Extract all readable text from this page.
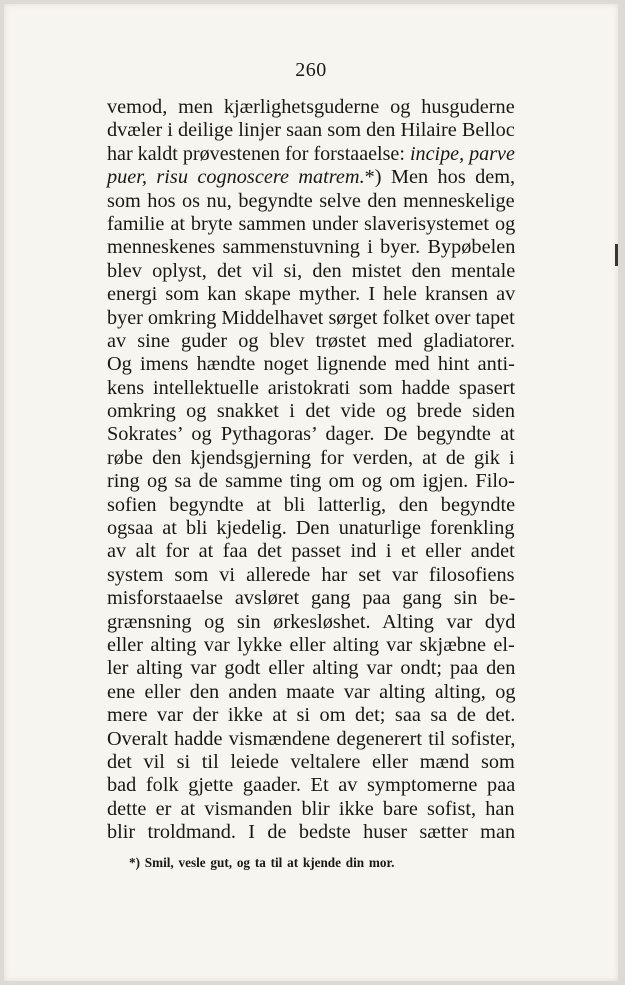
260
vemod, men kjærlighetsguderne og husguderne
dvæler i deilige linjer saan som den Hilaire Belloc
har kaldt prøvestenen for forstaaelse: incipe, parve
puer, risu cognoscere matrem.*) Men hos dem,
som hos os nu, begyndte selve den menneskelige
familie at bryte sammen under slaverisystemet og
menneskenes sammenstuvning i byer. Bypøbelen
blev oplyst, det vil si, den mistet den mentale
energi som kan skape myther. I hele kransen av
byer omkring Middelhavet sørget folket over tapet
av sine guder og blev trøstet med gladiatorer.
Og imens hændte noget lignende med hint anti-
kens intellektuelle aristokrati som hadde spasert
omkring og snakket i det vide og brede siden
Sokrates’ og Pythagoras’ dager. De begyndte at
røbe den kjendsgjerning for verden, at de gik i
ring og sa de samme ting om og om igjen. Filo-
sofien begyndte at bli latterlig, den begyndte
ogsaa at bli kjedelig. Den unaturlige forenkling
av alt for at faa det passet ind i et eller andet
system som vi allerede har set var filosofiens
misforstaaelse avsløret gang paa gang sin be-
grænsning og sin ørkesløshet. Alting var dyd
eller alting var lykke eller alting var skjæbne el-
ler alting var godt eller alting var ondt; paa den
ene eller den anden maate var alting alting, og
mere var der ikke at si om det; saa sa de det.
Overalt hadde vismændene degenerert til sofister,
det vil si til leiede veltalere eller mænd som
bad folk gjette gaader. Et av symptomerne paa
dette er at vismanden blir ikke bare sofist, han
blir troldmand. I de bedste huser sætter man
*) Smil, vesle gut, og ta til at kjende din mor.
